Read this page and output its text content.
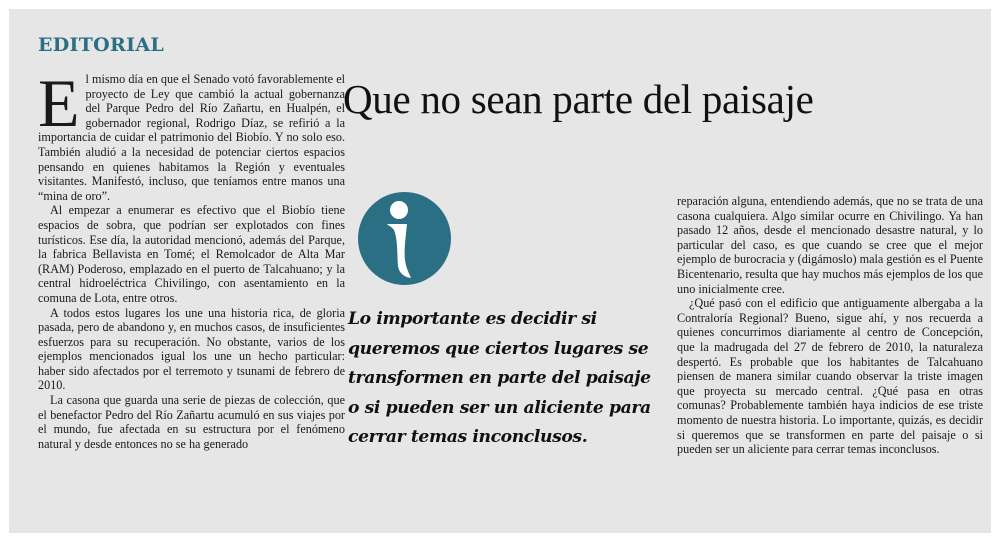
EDITORIAL

El mismo día en que el Senado votó favorablemente el proyecto de Ley que cambió la actual gobernanza del Parque Pedro del Río Zañartu, en Hualpén, el gobernador regional, Rodrigo Díaz, se refirió a la importancia de cuidar el patrimonio del Biobío. Y no solo eso. También aludió a la necesidad de potenciar ciertos espacios pensando en quienes habitamos la Región y eventuales visitantes. Manifestó, incluso, que teníamos entre manos una “mina de oro”.

Al empezar a enumerar es efectivo que el Biobío tiene espacios de sobra, que podrían ser explotados con fines turísticos. Ese día, la autoridad mencionó, además del Parque, la fabrica Bellavista en Tomé; el Remolcador de Alta Mar (RAM) Poderoso, emplazado en el puerto de Talcahuano; y la central hidroeléctrica Chivilingo, con asentamiento en la comuna de Lota, entre otros.

A todos estos lugares los une una historia rica, de gloria pasada, pero de abandono y, en muchos casos, de insuficientes esfuerzos para su recuperación. No obstante, varios de los ejemplos mencionados igual los une un hecho particular: haber sido afectados por el terremoto y tsunami de febrero de 2010.

La casona que guarda una serie de piezas de colección, que el benefactor Pedro del Río Zañartu acumuló en sus viajes por el mundo, fue afectada en su estructura por el fenómeno natural y desde entonces no se ha generado

Que no sean parte del paisaje
Lo importante es decidir si queremos que ciertos lugares se transformen en parte del paisaje o si pueden ser un aliciente para cerrar temas inconclusos.

reparación alguna, entendiendo además, que no se trata de una casona cualquiera. Algo similar ocurre en Chivilingo. Ya han pasado 12 años, desde el mencionado desastre natural, y lo particular del caso, es que cuando se cree que el mejor ejemplo de burocracia y (digámoslo) mala gestión es el Puente Bicentenario, resulta que hay muchos más ejemplos de los que uno inicialmente cree.

¿Qué pasó con el edificio que antiguamente albergaba a la Contraloría Regional? Bueno, sigue ahí, y nos recuerda a quienes concurrimos diariamente al centro de Concepción, que la madrugada del 27 de febrero de 2010, la naturaleza despertó. Es probable que los habitantes de Talcahuano piensen de manera similar cuando observar la triste imagen que proyecta su mercado central. ¿Qué pasa en otras comunas? Probablemente también haya indicios de ese triste momento de nuestra historia. Lo importante, quizás, es decidir si queremos que se transformen en parte del paisaje o si pueden ser un aliciente para cerrar temas inconclusos.
